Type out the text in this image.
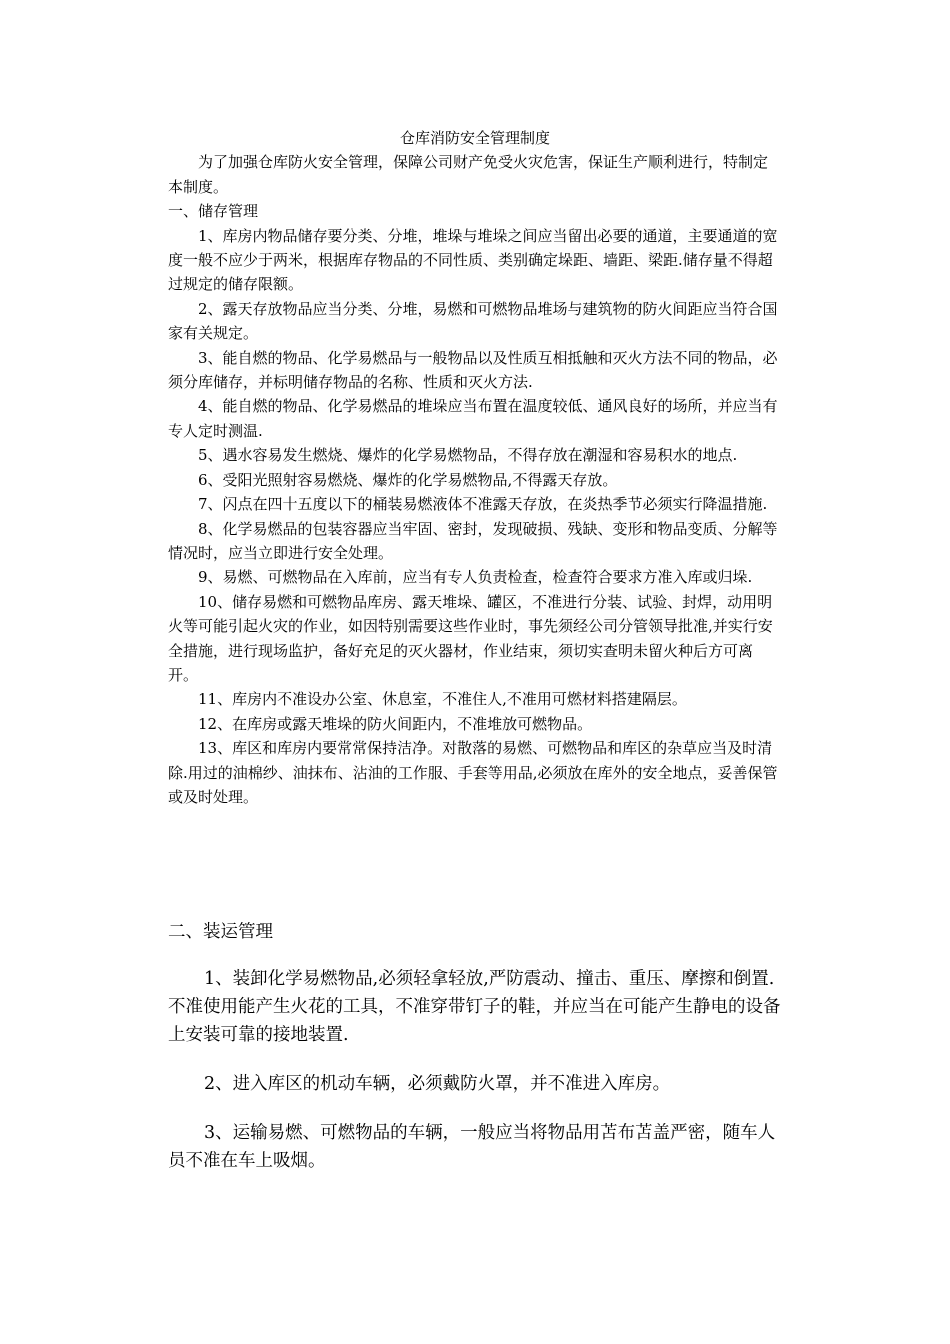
仓库消防安全管理制度

为了加强仓库防火安全管理，保障公司财产免受火灾危害，保证生产顺利进行，特制定本制度。

一、储存管理

1、库房内物品储存要分类、分堆，堆垛与堆垛之间应当留出必要的通道，主要通道的宽度一般不应少于两米，根据库存物品的不同性质、类别确定垛距、墙距、梁距.储存量不得超过规定的储存限额。

2、露天存放物品应当分类、分堆，易燃和可燃物品堆场与建筑物的防火间距应当符合国家有关规定。

3、能自燃的物品、化学易燃品与一般物品以及性质互相抵触和灭火方法不同的物品，必须分库储存，并标明储存物品的名称、性质和灭火方法.

4、能自燃的物品、化学易燃品的堆垛应当布置在温度较低、通风良好的场所，并应当有专人定时测温.

5、遇水容易发生燃烧、爆炸的化学易燃物品，不得存放在潮湿和容易积水的地点.

6、受阳光照射容易燃烧、爆炸的化学易燃物品,不得露天存放。

7、闪点在四十五度以下的桶装易燃液体不准露天存放，在炎热季节必须实行降温措施.

8、化学易燃品的包装容器应当牢固、密封，发现破损、残缺、变形和物品变质、分解等情况时，应当立即进行安全处理。

9、易燃、可燃物品在入库前，应当有专人负责检查，检查符合要求方准入库或归垛.

10、储存易燃和可燃物品库房、露天堆垛、罐区，不准进行分装、试验、封焊，动用明火等可能引起火灾的作业，如因特别需要这些作业时，事先须经公司分管领导批准,并实行安全措施，进行现场监护，备好充足的灭火器材，作业结束，须切实查明未留火种后方可离开。

11、库房内不准设办公室、休息室，不准住人,不准用可燃材料搭建隔层。

12、在库房或露天堆垛的防火间距内，不准堆放可燃物品。

13、库区和库房内要常常保持洁净。对散落的易燃、可燃物品和库区的杂草应当及时清除.用过的油棉纱、油抹布、沾油的工作服、手套等用品,必须放在库外的安全地点，妥善保管或及时处理。

二、装运管理

1、装卸化学易燃物品,必须轻拿轻放,严防震动、撞击、重压、摩擦和倒置.不准使用能产生火花的工具，不准穿带钉子的鞋，并应当在可能产生静电的设备上安装可靠的接地装置.

2、进入库区的机动车辆，必须戴防火罩，并不准进入库房。

3、运输易燃、可燃物品的车辆，一般应当将物品用苫布苫盖严密，随车人员不准在车上吸烟。
